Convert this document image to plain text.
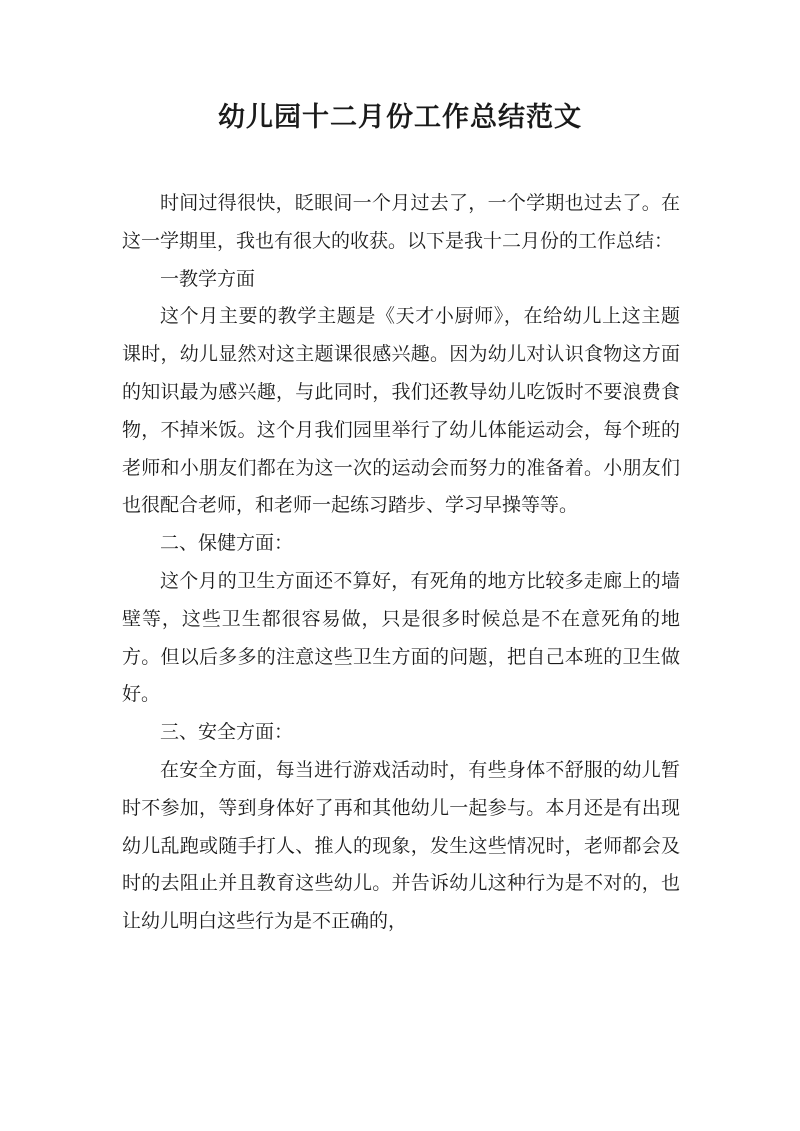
幼儿园十二月份工作总结范文

时间过得很快，眨眼间一个月过去了，一个学期也过去了。在这一学期里，我也有很大的收获。以下是我十二月份的工作总结：

一教学方面

这个月主要的教学主题是《天才小厨师》，在给幼儿上这主题课时，幼儿显然对这主题课很感兴趣。因为幼儿对认识食物这方面的知识最为感兴趣，与此同时，我们还教导幼儿吃饭时不要浪费食物，不掉米饭。这个月我们园里举行了幼儿体能运动会，每个班的老师和小朋友们都在为这一次的运动会而努力的准备着。小朋友们也很配合老师，和老师一起练习踏步、学习早操等等。

二、保健方面：

这个月的卫生方面还不算好，有死角的地方比较多走廊上的墙壁等，这些卫生都很容易做，只是很多时候总是不在意死角的地方。但以后多多的注意这些卫生方面的问题，把自己本班的卫生做好。

三、安全方面：

在安全方面，每当进行游戏活动时，有些身体不舒服的幼儿暂时不参加，等到身体好了再和其他幼儿一起参与。本月还是有出现幼儿乱跑或随手打人、推人的现象，发生这些情况时，老师都会及时的去阻止并且教育这些幼儿。并告诉幼儿这种行为是不对的，也让幼儿明白这些行为是不正确的，
